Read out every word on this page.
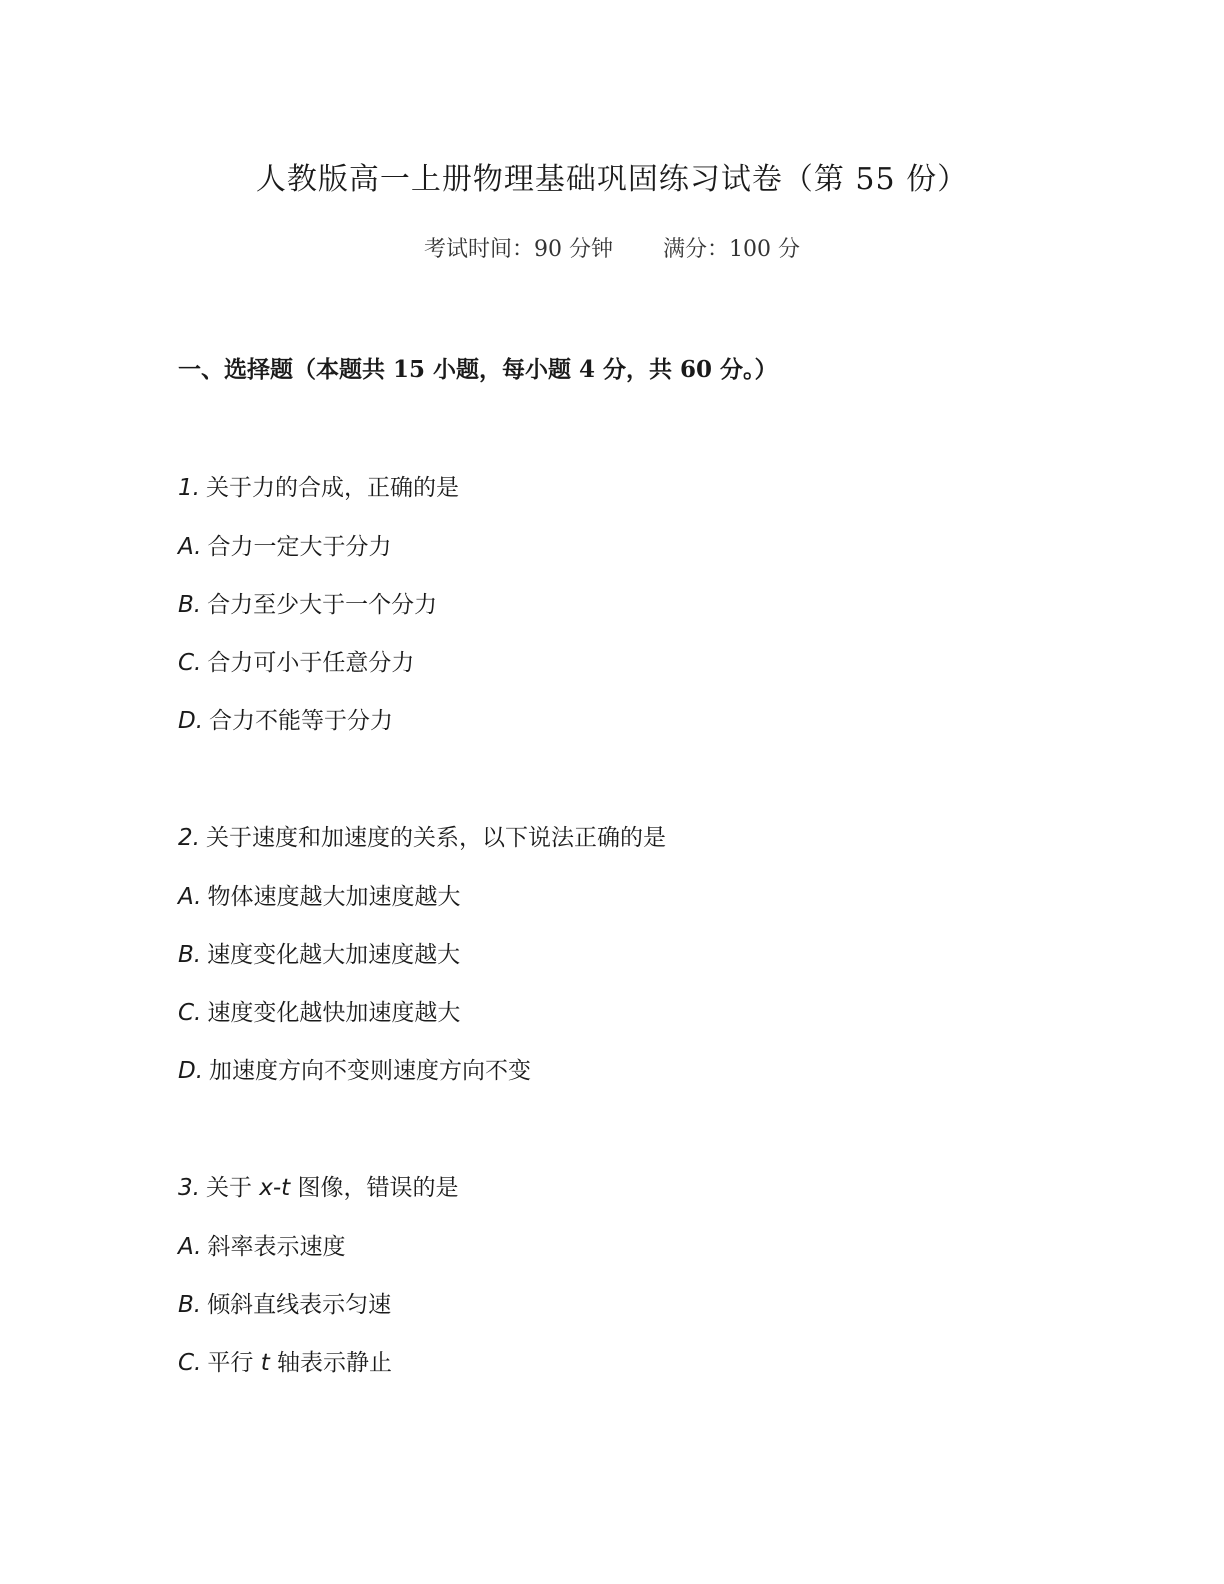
人教版高一上册物理基础巩固练习试卷（第 55 份）
考试时间：90 分钟 满分：100 分
一、选择题（本题共 15 小题，每小题 4 分，共 60 分。）
1. 关于力的合成，正确的是
A. 合力一定大于分力
B. 合力至少大于一个分力
C. 合力可小于任意分力
D. 合力不能等于分力
2. 关于速度和加速度的关系，以下说法正确的是
A. 物体速度越大加速度越大
B. 速度变化越大加速度越大
C. 速度变化越快加速度越大
D. 加速度方向不变则速度方向不变
3. 关于 x-t 图像，错误的是
A. 斜率表示速度
B. 倾斜直线表示匀速
C. 平行 t 轴表示静止
